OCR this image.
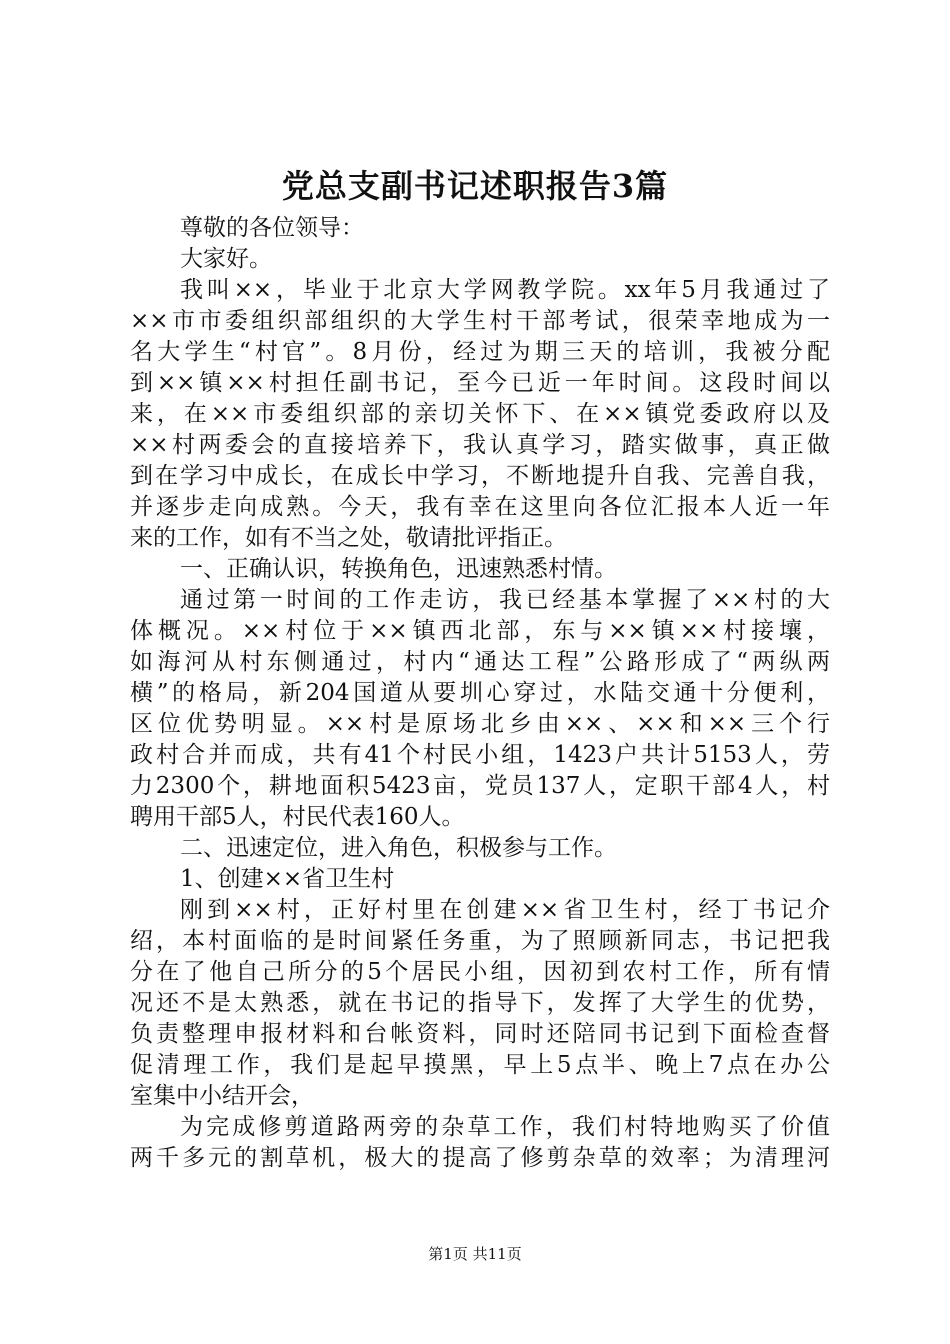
党总支副书记述职报告3篇
尊敬的各位领导：
大家好。
我叫××，毕业于北京大学网教学院。xx年5月我通过了
××市市委组织部组织的大学生村干部考试，很荣幸地成为一
名大学生“村官”。8月份，经过为期三天的培训，我被分配
到××镇××村担任副书记，至今已近一年时间。这段时间以
来，在××市委组织部的亲切关怀下、在××镇党委政府以及
××村两委会的直接培养下，我认真学习，踏实做事，真正做
到在学习中成长，在成长中学习，不断地提升自我、完善自我，
并逐步走向成熟。今天，我有幸在这里向各位汇报本人近一年
来的工作，如有不当之处，敬请批评指正。
一、正确认识，转换角色，迅速熟悉村情。
通过第一时间的工作走访，我已经基本掌握了××村的大
体概况。××村位于××镇西北部，东与××镇××村接壤，
如海河从村东侧通过，村内“通达工程”公路形成了“两纵两
横”的格局，新204国道从要圳心穿过，水陆交通十分便利，
区位优势明显。××村是原场北乡由××、××和××三个行
政村合并而成，共有41个村民小组，1423户共计5153人，劳
力2300个，耕地面积5423亩，党员137人，定职干部4人，村
聘用干部5人，村民代表160人。
二、迅速定位，进入角色，积极参与工作。
1、创建××省卫生村
刚到××村，正好村里在创建××省卫生村，经丁书记介
绍，本村面临的是时间紧任务重，为了照顾新同志，书记把我
分在了他自己所分的5个居民小组，因初到农村工作，所有情
况还不是太熟悉，就在书记的指导下，发挥了大学生的优势，
负责整理申报材料和台帐资料，同时还陪同书记到下面检查督
促清理工作，我们是起早摸黑，早上5点半、晚上7点在办公
室集中小结开会，
为完成修剪道路两旁的杂草工作，我们村特地购买了价值
两千多元的割草机，极大的提高了修剪杂草的效率；为清理河
第1页 共11页
